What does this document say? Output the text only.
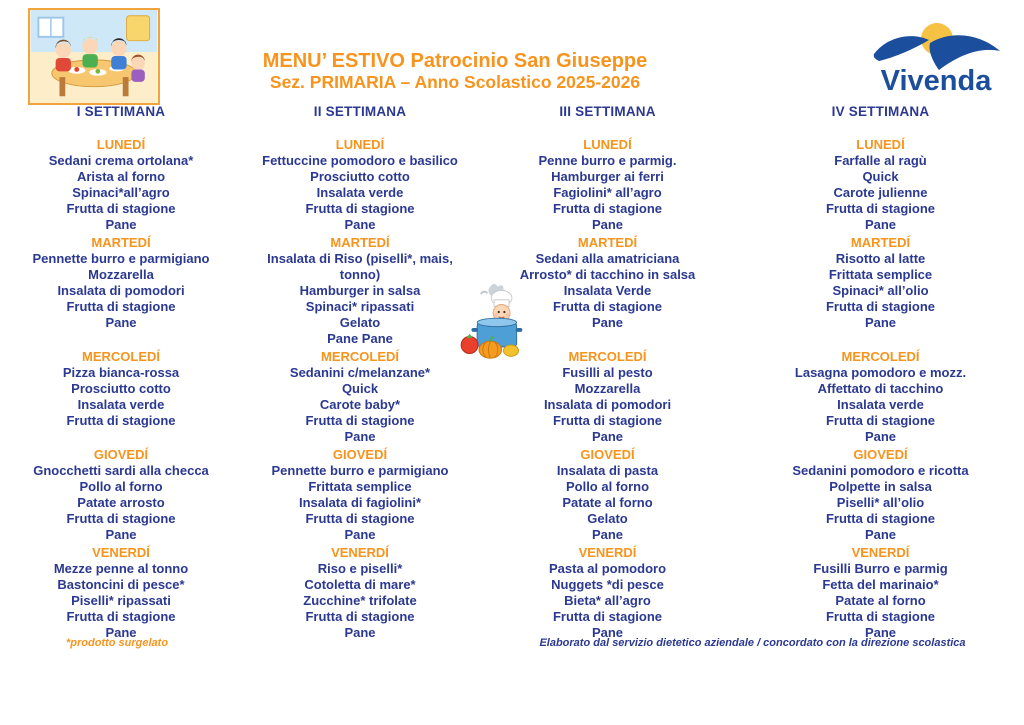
MENU’ ESTIVO Patrocinio San Giuseppe
Sez. PRIMARIA – Anno Scolastico 2025-2026	Vivenda
I SETTIMANA
LUNEDÍ
Sedani crema ortolana*
Arista al forno
Spinaci*all’agro
Frutta di stagione
Pane
MARTEDÍ
Pennette burro e parmigiano
Mozzarella
Insalata di pomodori
Frutta di stagione
Pane
MERCOLEDÍ
Pizza bianca-rossa
Prosciutto cotto
Insalata verde
Frutta di stagione
GIOVEDÍ
Gnocchetti sardi alla checca
Pollo al forno
Patate arrosto
Frutta di stagione
Pane
VENERDÍ
Mezze penne al tonno
Bastoncini di pesce*
Piselli* ripassati
Frutta di stagione
Pane
II SETTIMANA
LUNEDÍ
Fettuccine pomodoro e basilico
Prosciutto cotto
Insalata verde
Frutta di stagione
Pane
MARTEDÍ
Insalata di Riso (piselli*, mais, tonno)
Hamburger in salsa
Spinaci* ripassati
Gelato
Pane Pane
MERCOLEDÍ
Sedanini c/melanzane*
Quick
Carote baby*
Frutta di stagione
Pane
GIOVEDÍ
Pennette burro e parmigiano
Frittata semplice
Insalata di fagiolini*
Frutta di stagione
Pane
VENERDÍ
Riso e piselli*
Cotoletta di mare*
Zucchine* trifolate
Frutta di stagione
Pane
III SETTIMANA
LUNEDÍ
Penne burro e parmig.
Hamburger ai ferri
Fagiolini* all’agro
Frutta di stagione
Pane
MARTEDÍ
Sedani alla amatriciana
Arrosto* di tacchino in salsa
Insalata Verde
Frutta di stagione
Pane
MERCOLEDÍ
Fusilli al pesto
Mozzarella
Insalata di pomodori
Frutta di stagione
Pane
GIOVEDÍ
Insalata di pasta
Pollo al forno
Patate al forno
Gelato
Pane
VENERDÍ
Pasta al pomodoro
Nuggets *di pesce
Bieta* all’agro
Frutta di stagione
Pane
IV SETTIMANA
LUNEDÍ
Farfalle al ragù
Quick
Carote julienne
Frutta di stagione
Pane
MARTEDÍ
Risotto al latte
Frittata semplice
Spinaci* all’olio
Frutta di stagione
Pane
MERCOLEDÍ
Lasagna pomodoro e mozz.
Affettato di tacchino
Insalata verde
Frutta di stagione
Pane
GIOVEDÍ
Sedanini pomodoro e ricotta
Polpette in salsa
Piselli* all’olio
Frutta di stagione
Pane
VENERDÍ
Fusilli Burro e parmig
Fetta del marinaio*
Patate al forno
Frutta di stagione
Pane
*prodotto surgelato	Elaborato dal servizio dietetico aziendale / concordato con la direzione scolastica
